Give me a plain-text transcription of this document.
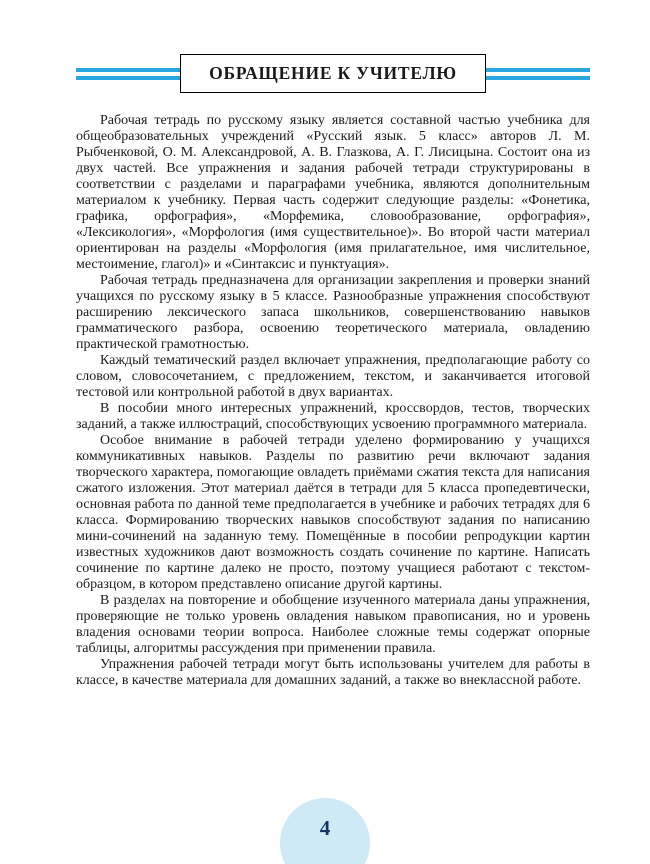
ОБРАЩЕНИЕ К УЧИТЕЛЮ

Рабочая тетрадь по русскому языку является составной частью учебника для общеобразовательных учреждений «Русский язык. 5 класс» авторов Л. М. Рыбченковой, О. М. Александровой, А. В. Глазкова, А. Г. Лисицына. Состоит она из двух частей. Все упражнения и задания рабочей тетради структурированы в соответствии с разделами и параграфами учебника, являются дополнительным материалом к учебнику. Первая часть содержит следующие разделы: «Фонетика, графика, орфография», «Морфемика, словообразование, орфография», «Лексикология», «Морфология (имя существительное)». Во второй части материал ориентирован на разделы «Морфология (имя прилагательное, имя числительное, местоимение, глагол)» и «Синтаксис и пунктуация».

Рабочая тетрадь предназначена для организации закрепления и проверки знаний учащихся по русскому языку в 5 классе. Разнообразные упражнения способствуют расширению лексического запаса школьников, совершенствованию навыков грамматического разбора, освоению теоретического материала, овладению практической грамотностью.

Каждый тематический раздел включает упражнения, предполагающие работу со словом, словосочетанием, с предложением, текстом, и заканчивается итоговой тестовой или контрольной работой в двух вариантах.

В пособии много интересных упражнений, кроссвордов, тестов, творческих заданий, а также иллюстраций, способствующих усвоению программного материала.

Особое внимание в рабочей тетради уделено формированию у учащихся коммуникативных навыков. Разделы по развитию речи включают задания творческого характера, помогающие овладеть приёмами сжатия текста для написания сжатого изложения. Этот материал даётся в тетради для 5 класса пропедевтически, основная работа по данной теме предполагается в учебнике и рабочих тетрадях для 6 класса. Формированию творческих навыков способствуют задания по написанию мини-сочинений на заданную тему. Помещённые в пособии репродукции картин известных художников дают возможность создать сочинение по картине. Написать сочинение по картине далеко не просто, поэтому учащиеся работают с текстом-образцом, в котором представлено описание другой картины.

В разделах на повторение и обобщение изученного материала даны упражнения, проверяющие не только уровень овладения навыком правописания, но и уровень владения основами теории вопроса. Наиболее сложные темы содержат опорные таблицы, алгоритмы рассуждения при применении правила.

Упражнения рабочей тетради могут быть использованы учителем для работы в классе, в качестве материала для домашних заданий, а также во внеклассной работе.

4
